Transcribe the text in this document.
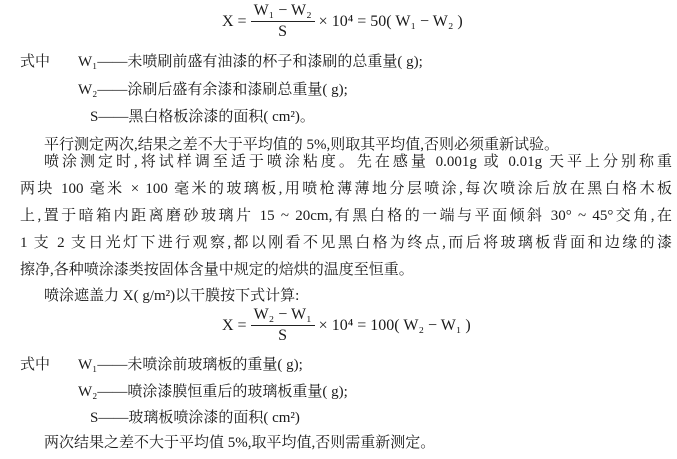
$X = \frac{\text{W₁ − W₂}}{S} \times 10^4 = 50$( W₁ − W₂ )
式中 W₁——未喷刷前盛有油漆的杯子和漆刷的总重量( g);
W₂——涂刷后盛有余漆和漆刷总重量( g);
S——黑白格板涂漆的面积( cm²)。
平行测定两次,结果之差不大于平均值的 5%,则取其平均值,否则必须重新试验。
喷涂测定时,将试样调至适于喷涂粘度。先在感量 0.001g 或 0.01g 天平上分别称重
两块 100 毫米 × 100 毫米的玻璃板,用喷枪薄薄地分层喷涂,每次喷涂后放在黑白格木板
上,置于暗箱内距离磨砂玻璃片 15 ~ 20cm,有黑白格的一端与平面倾斜 30° ~ 45°交角,在
1 支 2 支日光灯下进行观察,都以刚看不见黑白格为终点,而后将玻璃板背面和边缘的漆
擦净,各种喷涂漆类按固体含量中规定的焙烘的温度至恒重。
喷涂遮盖力 X( g/m²)以干膜按下式计算:
$X = \frac{\text{W₂ − W₁}}{S} \times 10^4 = 100$( W₂ − W₁ )
式中 W₁——未喷涂前玻璃板的重量( g);
W₂——喷涂漆膜恒重后的玻璃板重量( g);
S——玻璃板喷涂漆的面积( cm²)
两次结果之差不大于平均值 5%,取平均值,否则需重新测定。
